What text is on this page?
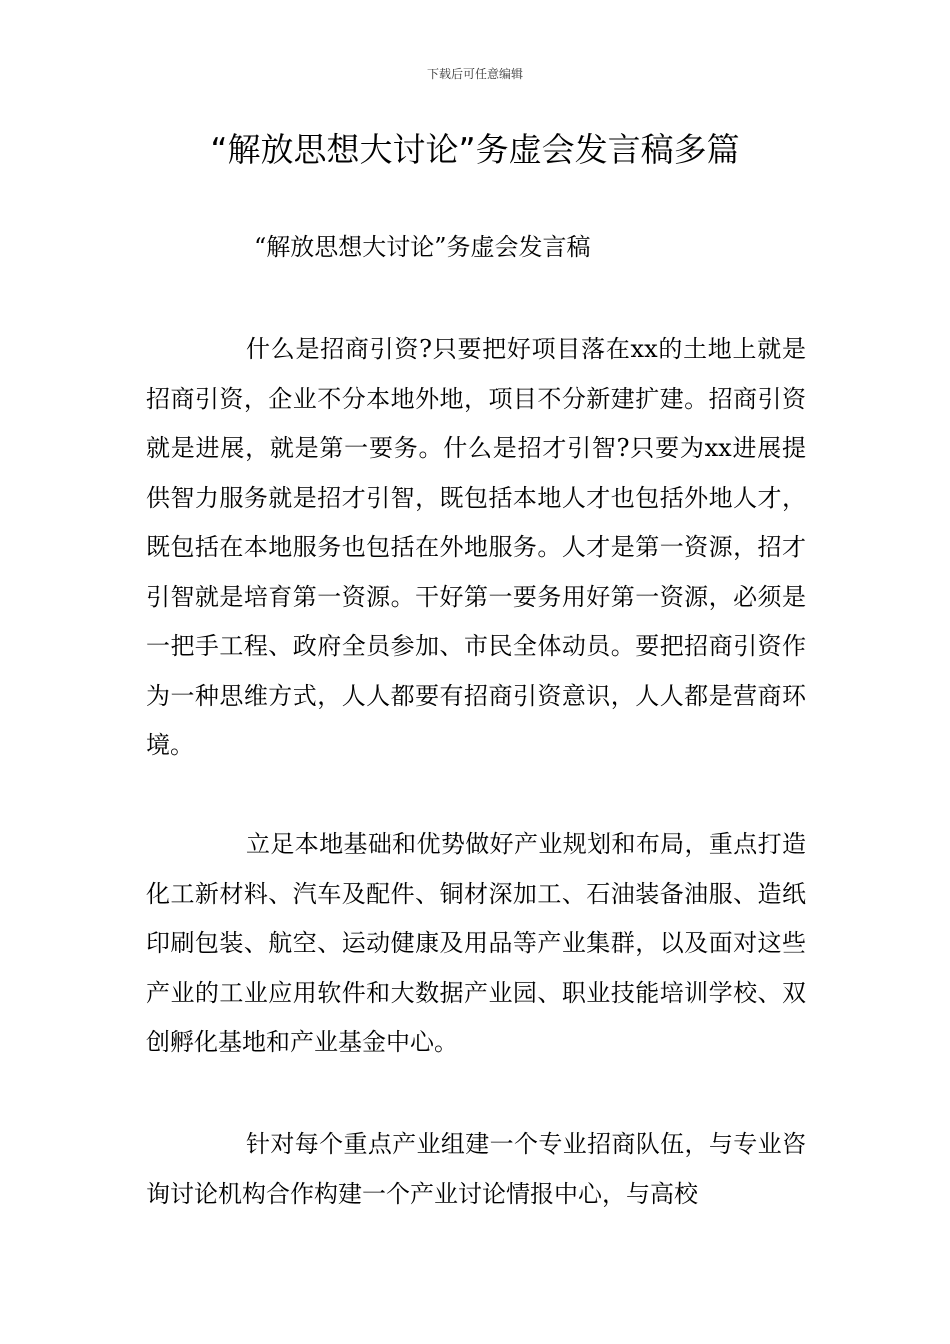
下载后可任意编辑
“解放思想大讨论”务虚会发言稿多篇
“解放思想大讨论”务虚会发言稿

什么是招商引资?只要把好项目落在xx的土地上就是招商引资，企业不分本地外地，项目不分新建扩建。招商引资就是进展，就是第一要务。什么是招才引智?只要为xx进展提供智力服务就是招才引智，既包括本地人才也包括外地人才，既包括在本地服务也包括在外地服务。人才是第一资源，招才引智就是培育第一资源。干好第一要务用好第一资源，必须是一把手工程、政府全员参加、市民全体动员。要把招商引资作为一种思维方式，人人都要有招商引资意识，人人都是营商环境。

立足本地基础和优势做好产业规划和布局，重点打造化工新材料、汽车及配件、铜材深加工、石油装备油服、造纸印刷包装、航空、运动健康及用品等产业集群，以及面对这些产业的工业应用软件和大数据产业园、职业技能培训学校、双创孵化基地和产业基金中心。

针对每个重点产业组建一个专业招商队伍，与专业咨询讨论机构合作构建一个产业讨论情报中心，与高校
